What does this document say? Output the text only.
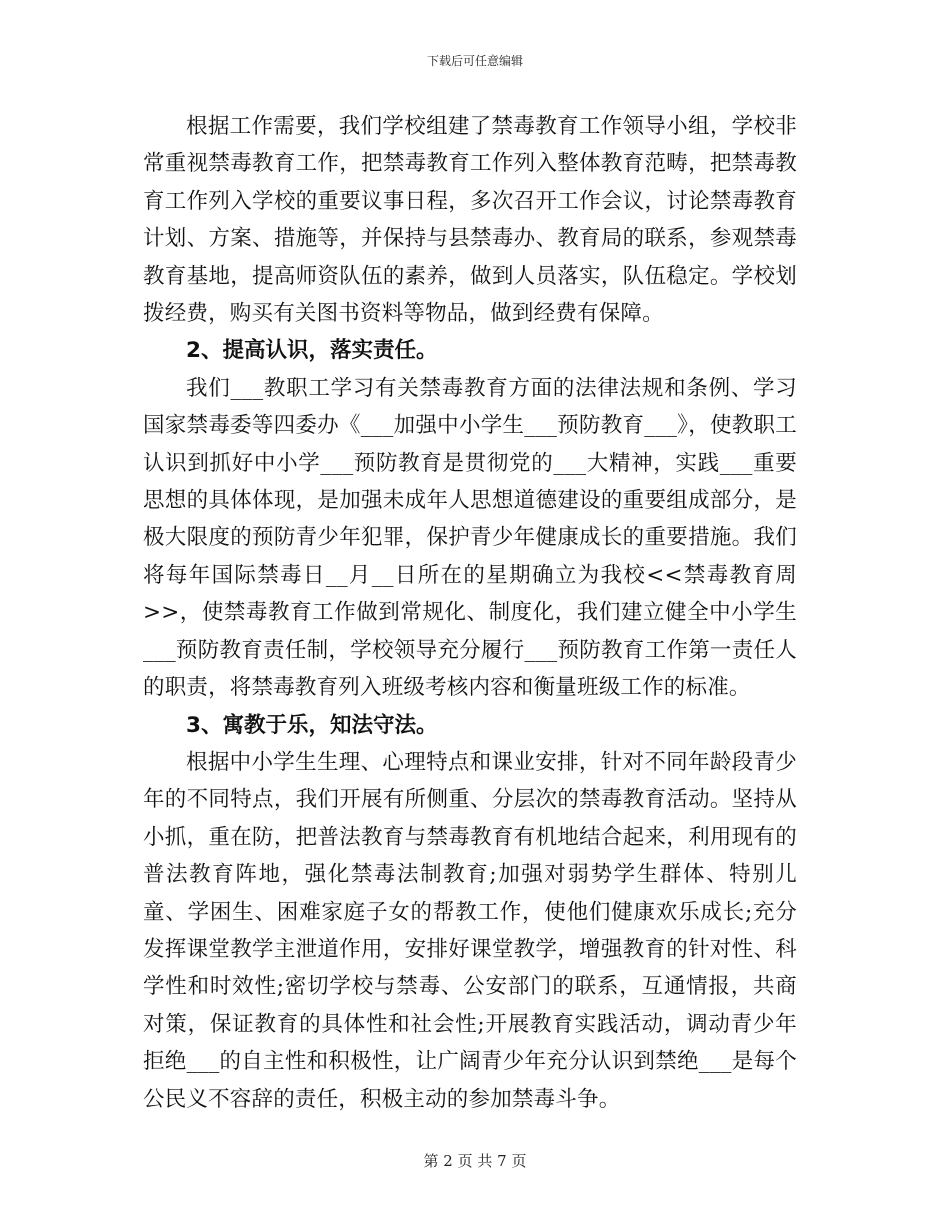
下载后可任意编辑

根据工作需要，我们学校组建了禁毒教育工作领导小组，学校非常重视禁毒教育工作，把禁毒教育工作列入整体教育范畴，把禁毒教育工作列入学校的重要议事日程，多次召开工作会议，讨论禁毒教育计划、方案、措施等，并保持与县禁毒办、教育局的联系，参观禁毒教育基地，提高师资队伍的素养，做到人员落实，队伍稳定。学校划拨经费，购买有关图书资料等物品，做到经费有保障。

2、提高认识，落实责任。

我们___教职工学习有关禁毒教育方面的法律法规和条例、学习国家禁毒委等四委办《___加强中小学生___预防教育___》，使教职工认识到抓好中小学___预防教育是贯彻党的___大精神，实践___重要思想的具体体现，是加强未成年人思想道德建设的重要组成部分，是极大限度的预防青少年犯罪，保护青少年健康成长的重要措施。我们将每年国际禁毒日__月__日所在的星期确立为我校<<禁毒教育周>>，使禁毒教育工作做到常规化、制度化，我们建立健全中小学生___预防教育责任制，学校领导充分履行___预防教育工作第一责任人的职责，将禁毒教育列入班级考核内容和衡量班级工作的标准。

3、寓教于乐，知法守法。

根据中小学生生理、心理特点和课业安排，针对不同年龄段青少年的不同特点，我们开展有所侧重、分层次的禁毒教育活动。坚持从小抓，重在防，把普法教育与禁毒教育有机地结合起来，利用现有的普法教育阵地，强化禁毒法制教育;加强对弱势学生群体、特别儿童、学困生、困难家庭子女的帮教工作，使他们健康欢乐成长;充分发挥课堂教学主泄道作用，安排好课堂教学，增强教育的针对性、科学性和时效性;密切学校与禁毒、公安部门的联系，互通情报，共商对策，保证教育的具体性和社会性;开展教育实践活动，调动青少年拒绝___的自主性和积极性，让广阔青少年充分认识到禁绝___是每个公民义不容辞的责任，积极主动的参加禁毒斗争。

第 2 页 共 7 页
